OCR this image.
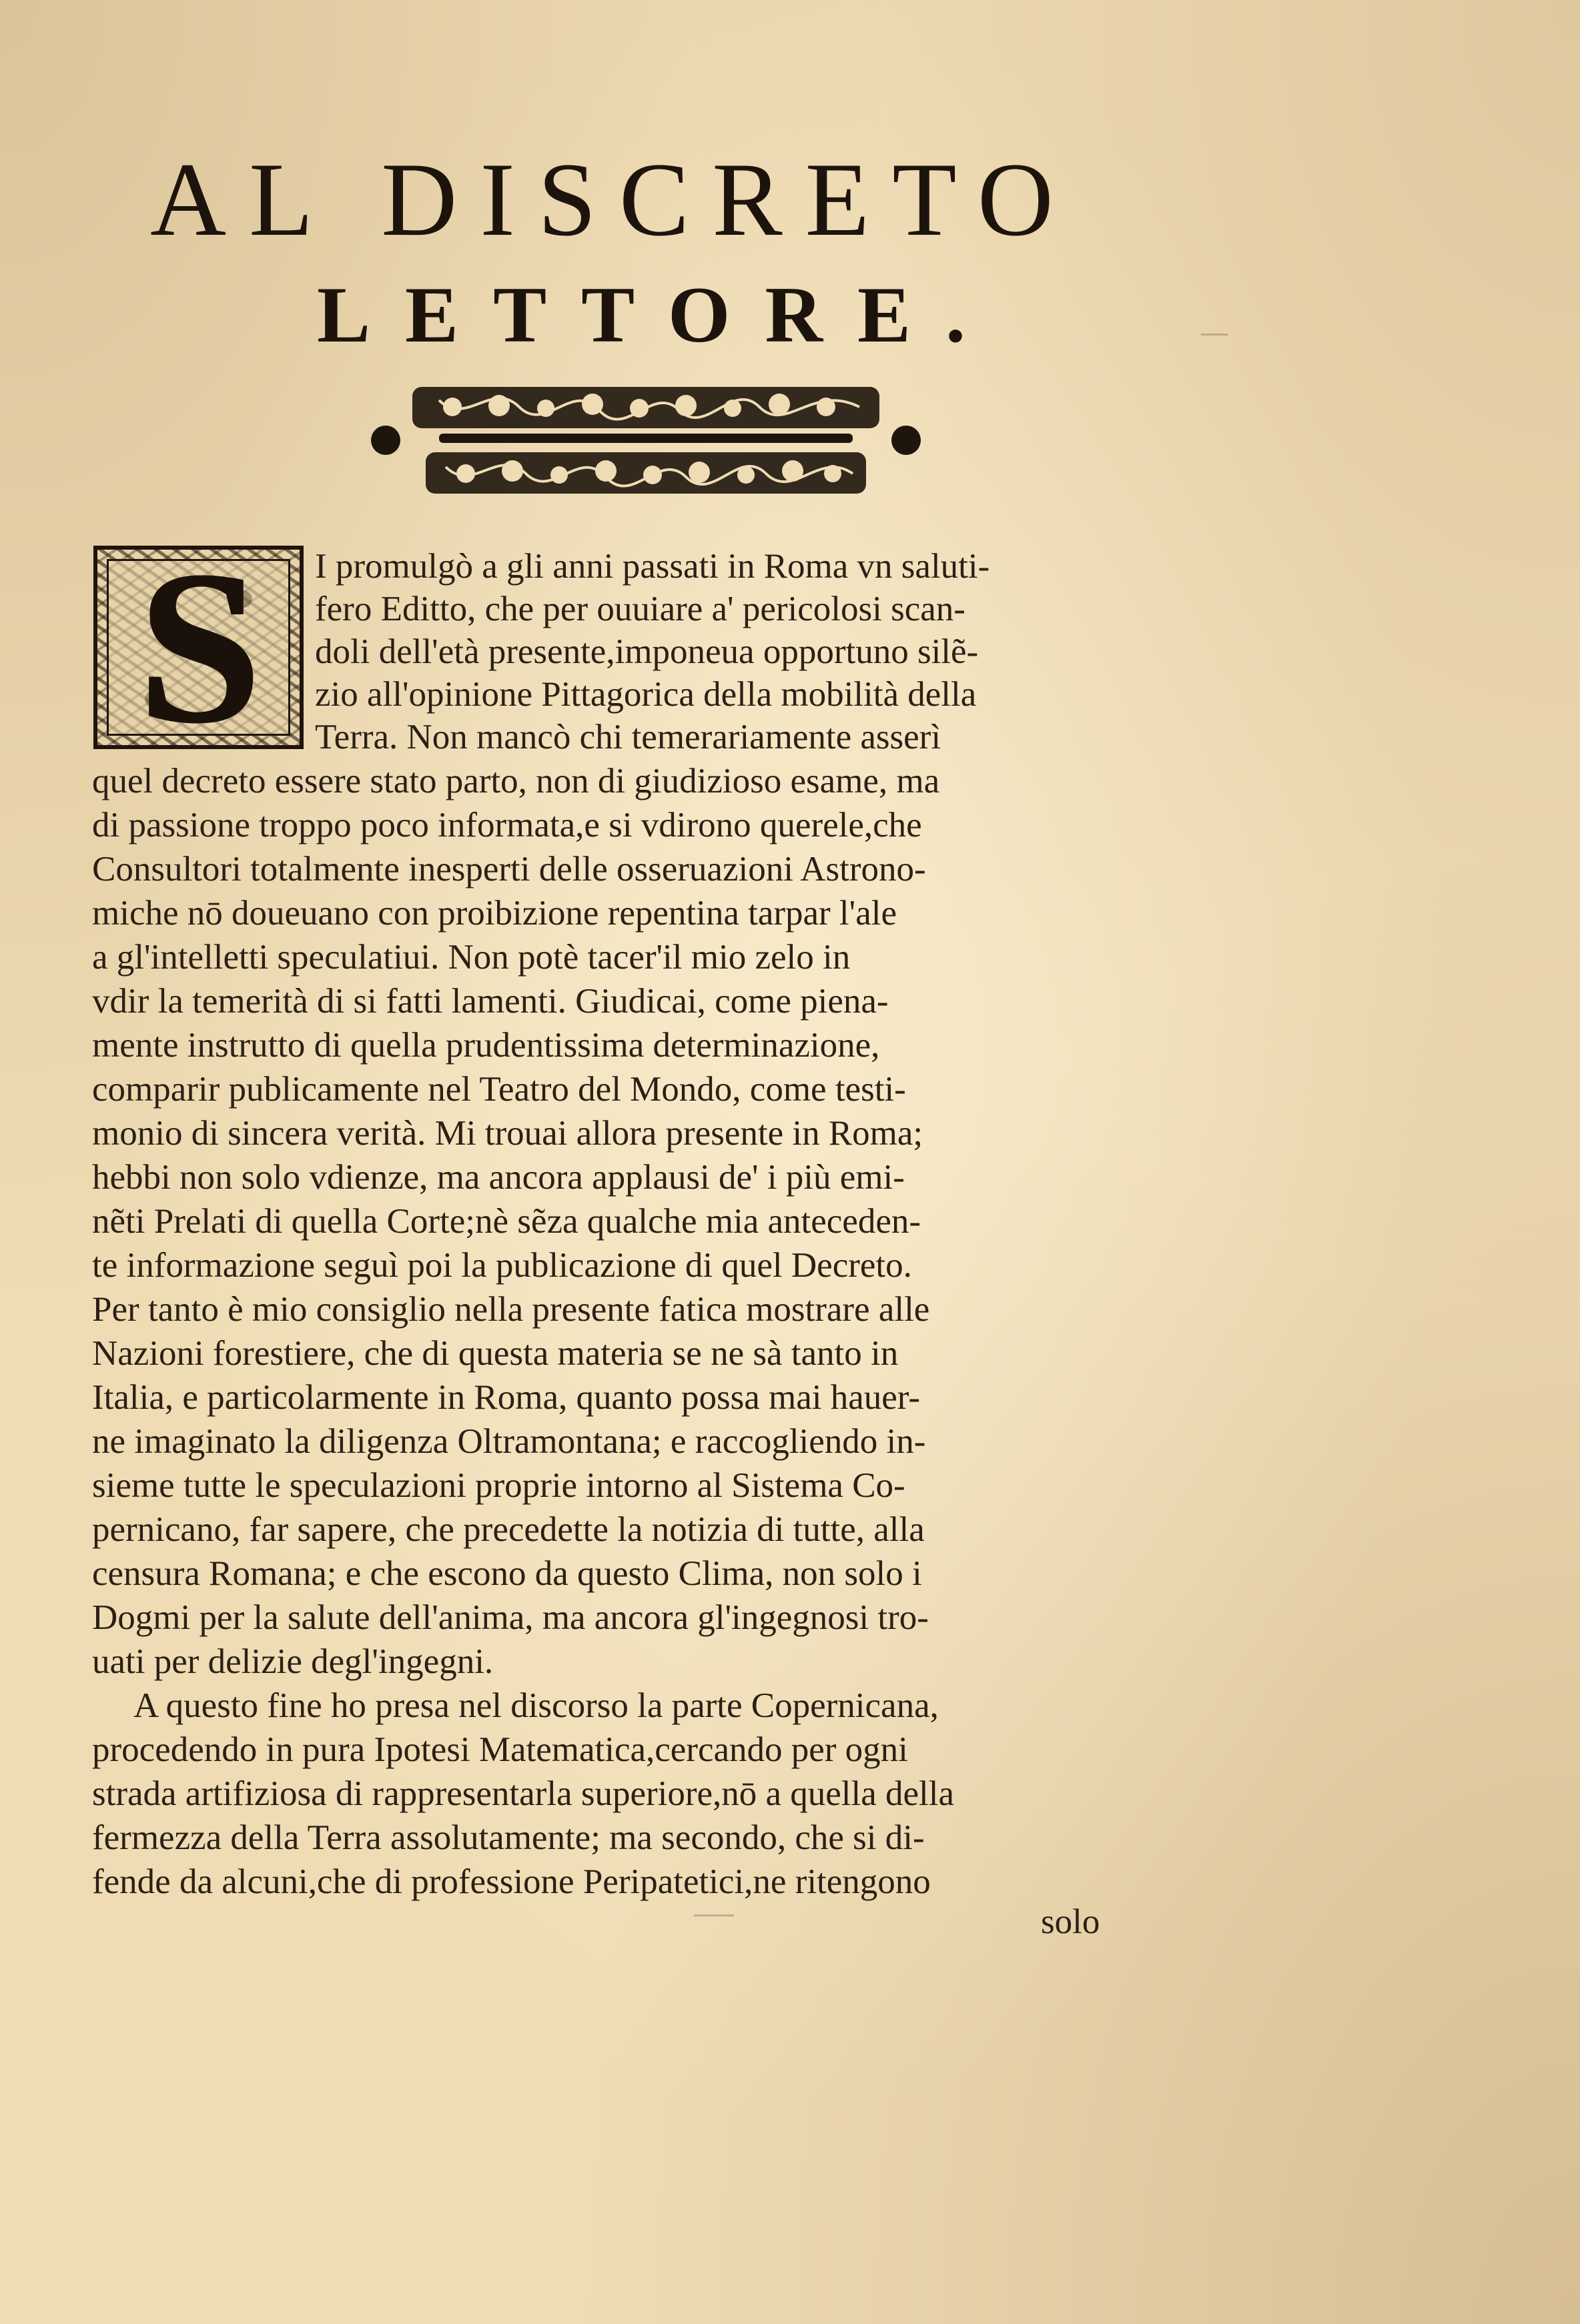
AL DISCRETO
LETTORE.
S	I promulgò a gli anni passati in Roma vn saluti-

fero Editto, che per ouuiare a' pericolosi scan-

doli dell'età presente,imponeua opportuno silẽ-

zio all'opinione Pittagorica della mobilità della

Terra. Non mancò chi temerariamente asserì

quel decreto essere stato parto, non di giudizioso esame, ma

di passione troppo poco informata,e si vdirono querele,che

Consultori totalmente inesperti delle osseruazioni Astrono-

miche nō doueuano con proibizione repentina tarpar l'ale

a gl'intelletti speculatiui. Non potè tacer'il mio zelo in

vdir la temerità di si fatti lamenti. Giudicai, come piena-

mente instrutto di quella prudentissima determinazione,

comparir publicamente nel Teatro del Mondo, come testi-

monio di sincera verità. Mi trouai allora presente in Roma;

hebbi non solo vdienze, ma ancora applausi de' i più emi-

nẽti Prelati di quella Corte;nè sẽza qualche mia anteceden-

te informazione seguì poi la publicazione di quel Decreto.

Per tanto è mio consiglio nella presente fatica mostrare alle

Nazioni forestiere, che di questa materia se ne sà tanto in

Italia, e particolarmente in Roma, quanto possa mai hauer-

ne imaginato la diligenza Oltramontana; e raccogliendo in-

sieme tutte le speculazioni proprie intorno al Sistema Co-

pernicano, far sapere, che precedette la notizia di tutte, alla

censura Romana; e che escono da questo Clima, non solo i

Dogmi per la salute dell'anima, ma ancora gl'ingegnosi tro-

uati per delizie degl'ingegni.

A questo fine ho presa nel discorso la parte Copernicana,

procedendo in pura Ipotesi Matematica,cercando per ogni

strada artifiziosa di rappresentarla superiore,nō a quella della

fermezza della Terra assolutamente; ma secondo, che si di-

fende da alcuni,che di professione Peripatetici,ne ritengono

solo
